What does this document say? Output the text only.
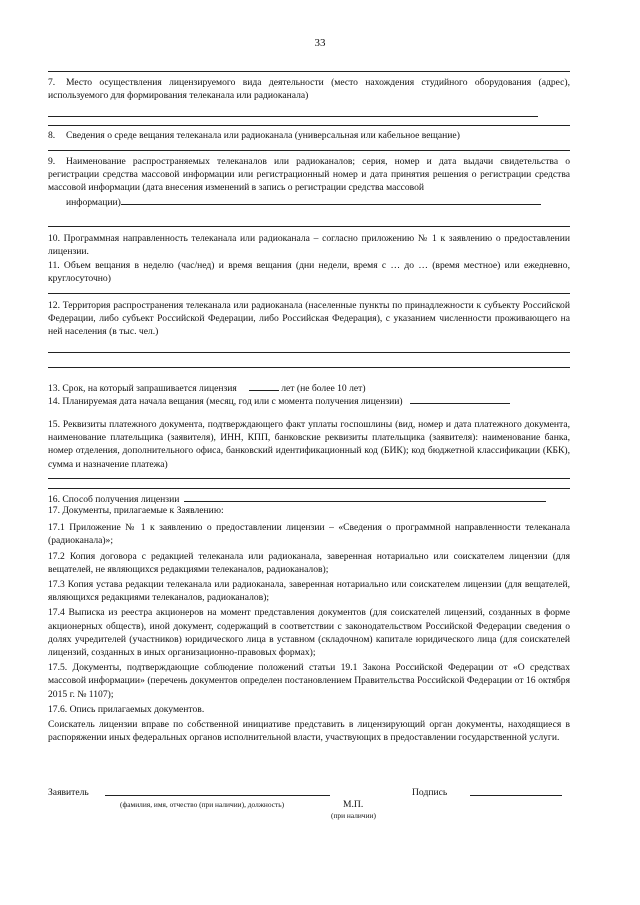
33

7. Место осуществления лицензируемого вида деятельности (место нахождения студийного оборудования (адрес), используемого для формирования телеканала или радиоканала)

8. Сведения о среде вещания телеканала или радиоканала (универсальная или кабельное вещание)

9. Наименование распространяемых телеканалов или радиоканалов; серия, номер и дата выдачи свидетельства о регистрации средства массовой информации или регистрационный номер и дата принятия решения о регистрации средства массовой информации (дата внесения изменений в запись о регистрации средства массовой

информации)

10. Программная направленность телеканала или радиоканала – согласно приложению № 1 к заявлению о предоставлении лицензии.

11. Объем вещания в неделю (час/нед) и время вещания (дни недели, время с … до … (время местное) или ежедневно, круглосуточно)

12. Территория распространения телеканала или радиоканала (населенные пункты по принадлежности к субъекту Российской Федерации, либо субъект Российской Федерации, либо Российская Федерация), с указанием численности проживающего на ней населения (в тыс. чел.)

13. Срок, на который запрашивается лицензия	лет (не более 10 лет)

14. Планируемая дата начала вещания (месяц, год или с момента получения лицензии)

15. Реквизиты платежного документа, подтверждающего факт уплаты госпошлины (вид, номер и дата платежного документа, наименование плательщика (заявителя), ИНН, КПП, банковские реквизиты плательщика (заявителя): наименование банка, номер отделения, дополнительного офиса, банковский идентификационный код (БИК); код бюджетной классификации (КБК), сумма и назначение платежа)

16. Способ получения лицензии

17. Документы, прилагаемые к Заявлению:

17.1 Приложение № 1 к заявлению о предоставлении лицензии – «Сведения о программной направленности телеканала (радиоканала)»;

17.2 Копия договора с редакцией телеканала или радиоканала, заверенная нотариально или соискателем лицензии (для вещателей, не являющихся редакциями телеканалов, радиоканалов);

17.3 Копия устава редакции телеканала или радиоканала, заверенная нотариально или соискателем лицензии (для вещателей, являющихся редакциями телеканалов, радиоканалов);

17.4 Выписка из реестра акционеров на момент представления документов (для соискателей лицензий, созданных в форме акционерных обществ), иной документ, содержащий в соответствии с законодательством Российской Федерации сведения о долях учредителей (участников) юридического лица в уставном (складочном) капитале юридического лица (для соискателей лицензий, созданных в иных организационно-правовых формах);

17.5. Документы, подтверждающие соблюдение положений статьи 19.1 Закона Российской Федерации от «О средствах массовой информации» (перечень документов определен постановлением Правительства Российской Федерации от 16 октября 2015 г. № 1107);

17.6. Опись прилагаемых документов.

Соискатель лицензии вправе по собственной инициативе представить в лицензирующий орган документы, находящиеся в распоряжении иных федеральных органов исполнительной власти, участвующих в предоставлении государственной услуги.

Заявитель
(фамилия, имя, отчество (при наличии), должность)
Подпись
М.П.
(при наличии)
